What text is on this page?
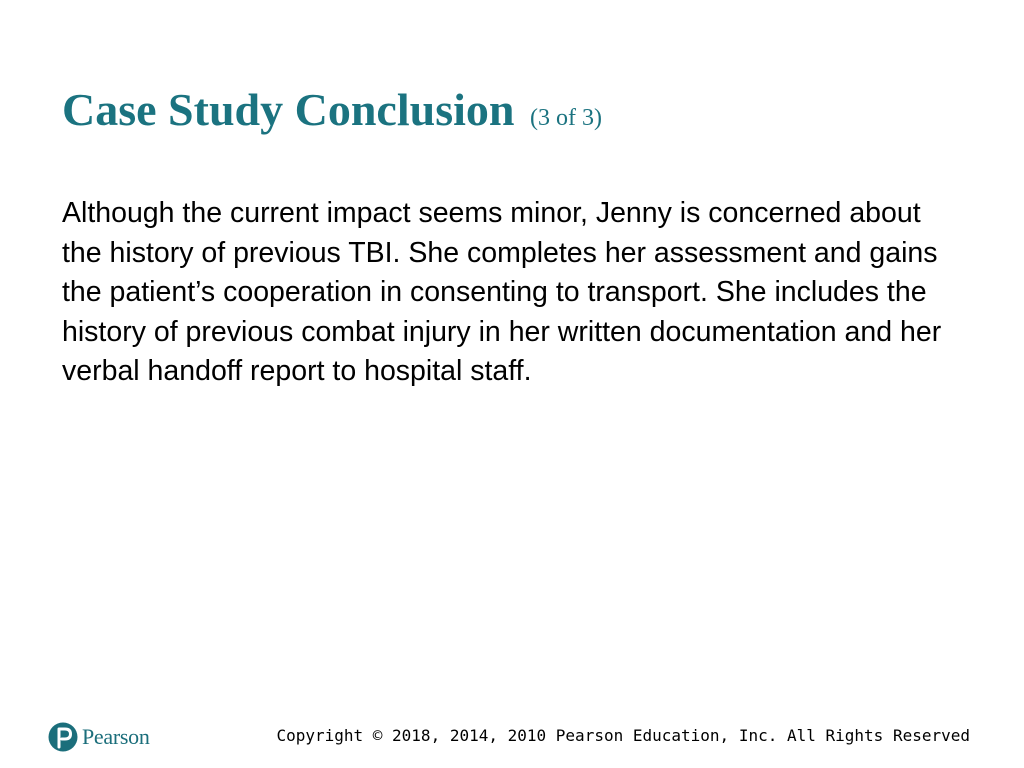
Case Study Conclusion (3 of 3)

Although the current impact seems minor, Jenny is concerned about the history of previous TBI. She completes her assessment and gains the patient’s cooperation in consenting to transport. She includes the history of previous combat injury in her written documentation and her verbal handoff report to hospital staff.

Pearson	Copyright © 2018, 2014, 2010 Pearson Education, Inc. All Rights Reserved
